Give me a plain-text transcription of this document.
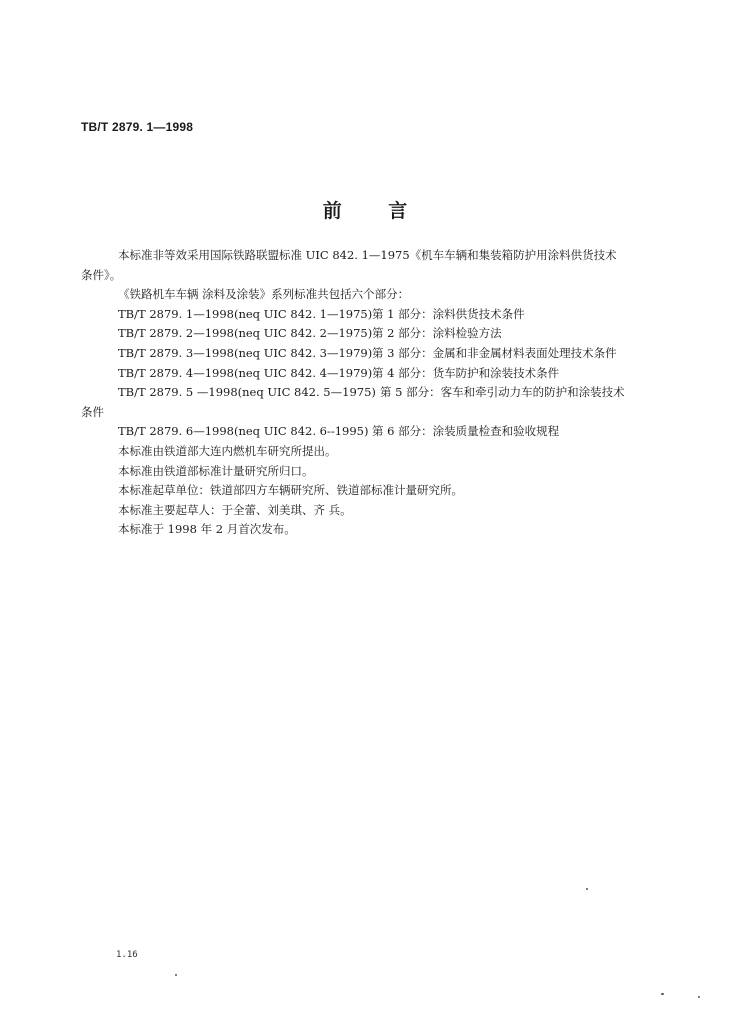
TB/T 2879. 1—1998
前 言
本标准非等效采用国际铁路联盟标准 UIC 842. 1—1975《机车车辆和集装箱防护用涂料供货技术
条件》。
《铁路机车车辆 涂料及涂装》系列标准共包括六个部分：
TB/T 2879. 1—1998(neq UIC 842. 1—1975) 第 1 部分：涂料供货技术条件
TB/T 2879. 2—1998(neq UIC 842. 2—1975) 第 2 部分：涂料检验方法
TB/T 2879. 3—1998(neq UIC 842. 3—1979) 第 3 部分：金属和非金属材料表面处理技术条件
TB/T 2879. 4—1998(neq UIC 842. 4—1979) 第 4 部分：货车防护和涂装技术条件
TB/T 2879. 5 —1998(neq UIC 842. 5—1975) 第 5 部分：客车和牵引动力车的防护和涂装技术
条件
TB/T 2879. 6—1998(neq UIC 842. 6--1995) 第 6 部分：涂装质量检查和验收规程
本标准由铁道部大连内燃机车研究所提出。
本标准由铁道部标准计量研究所归口。
本标准起草单位：铁道部四方车辆研究所、铁道部标准计量研究所。
本标准主要起草人：于全蕾、刘美琪、齐 兵。
本标准于 1998 年 2 月首次发布。
1.16
